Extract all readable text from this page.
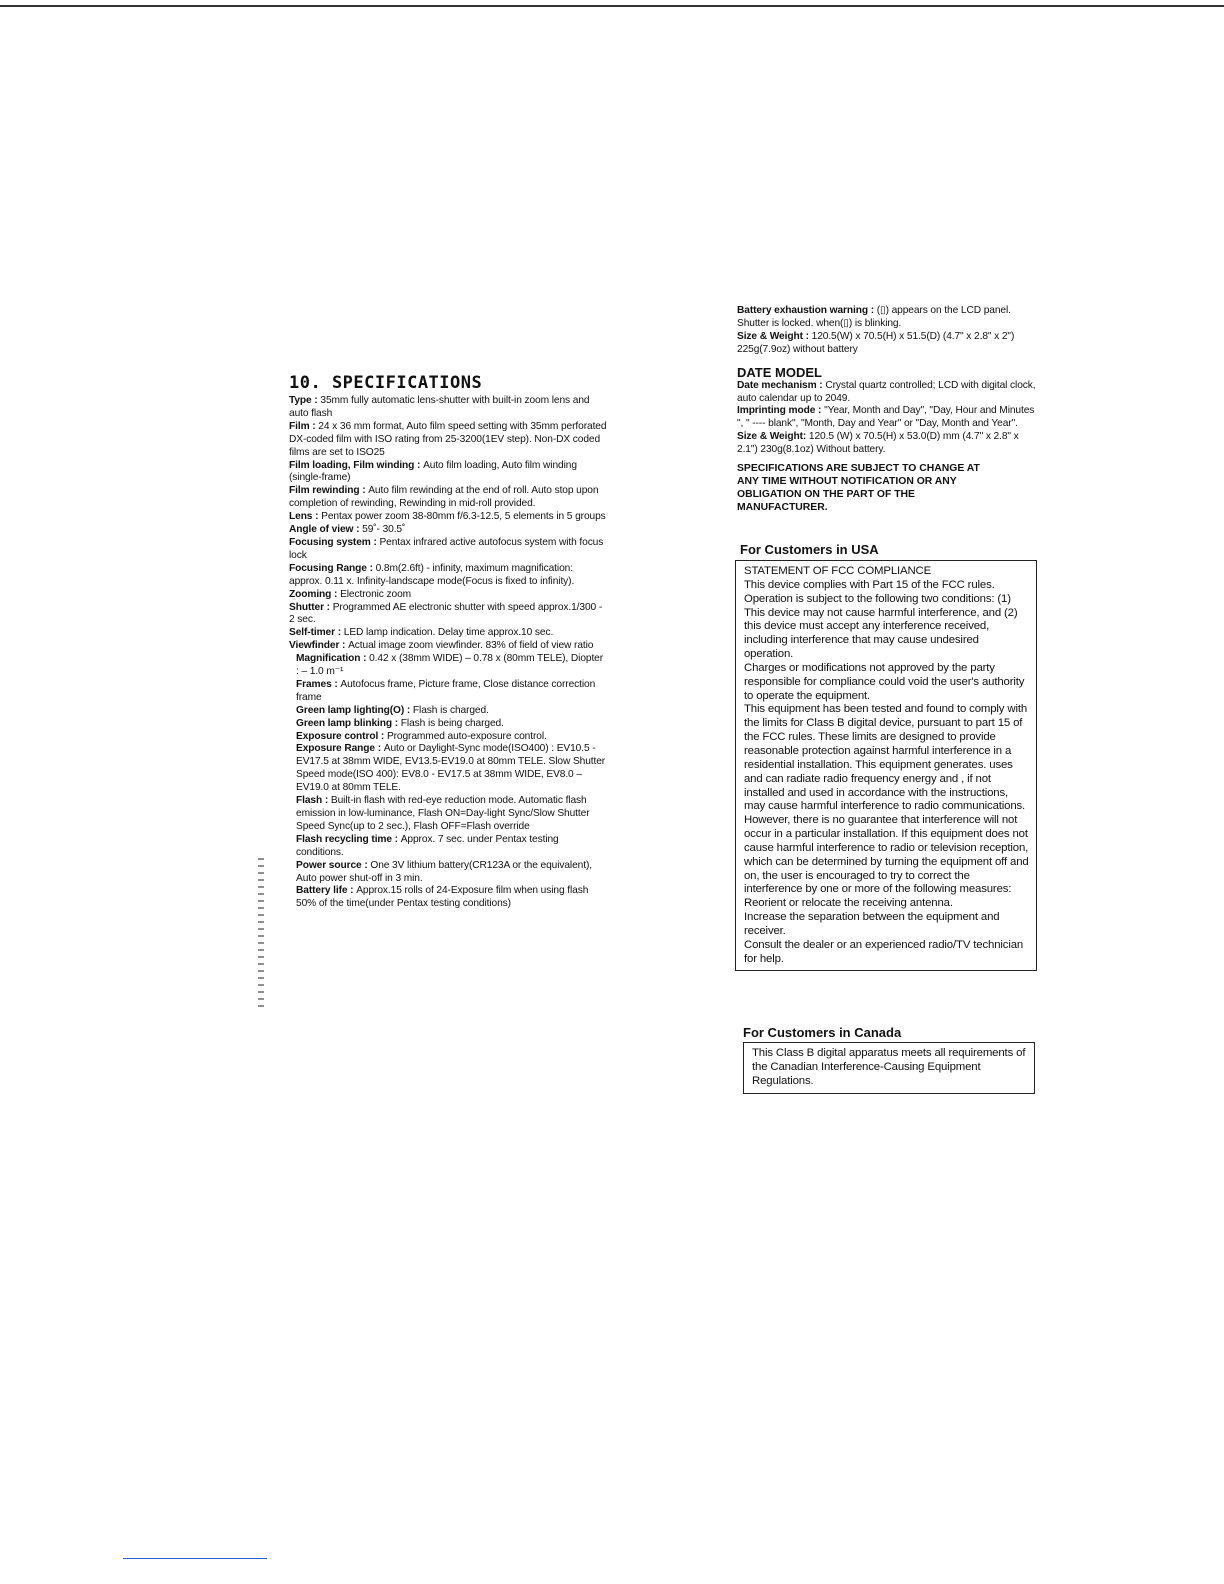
10. SPECIFICATIONS

Type : 35mm fully automatic lens-shutter with built-in zoom lens and auto flash

Film : 24 x 36 mm format, Auto film speed setting with 35mm perforated DX-coded film with ISO rating from 25-3200(1EV step). Non-DX coded films are set to ISO25

Film loading, Film winding : Auto film loading, Auto film winding (single-frame)

Film rewinding : Auto film rewinding at the end of roll. Auto stop upon completion of rewinding, Rewinding in mid-roll provided.

Lens : Pentax power zoom 38-80mm f/6.3-12.5, 5 elements in 5 groups

Angle of view : 59˚- 30.5˚

Focusing system : Pentax infrared active autofocus system with focus lock

Focusing Range : 0.8m(2.6ft) - infinity, maximum magnification: approx. 0.11 x. Infinity-landscape mode(Focus is fixed to infinity).

Zooming : Electronic zoom

Shutter : Programmed AE electronic shutter with speed approx.1/300 - 2 sec.

Self-timer : LED lamp indication. Delay time approx.10 sec.

Viewfinder : Actual image zoom viewfinder. 83% of field of view ratio

Magnification : 0.42 x (38mm WIDE) – 0.78 x (80mm TELE), Diopter : – 1.0 m⁻¹

Frames : Autofocus frame, Picture frame, Close distance correction frame

Green lamp lighting(O) : Flash is charged.

Green lamp blinking : Flash is being charged.

Exposure control : Programmed auto-exposure control.

Exposure Range : Auto or Daylight-Sync mode(ISO400) : EV10.5 - EV17.5 at 38mm WIDE, EV13.5-EV19.0 at 80mm TELE. Slow Shutter Speed mode(ISO 400): EV8.0 - EV17.5 at 38mm WIDE, EV8.0 – EV19.0 at 80mm TELE.

Flash : Built-in flash with red-eye reduction mode. Automatic flash emission in low-luminance, Flash ON=Day-light Sync/Slow Shutter Speed Sync(up to 2 sec.), Flash OFF=Flash override

Flash recycling time : Approx. 7 sec. under Pentax testing conditions.

Power source : One 3V lithium battery(CR123A or the equivalent), Auto power shut-off in 3 min.

Battery life : Approx.15 rolls of 24-Exposure film when using flash 50% of the time(under Pentax testing conditions)

Battery exhaustion warning : (▯) appears on the LCD panel. Shutter is locked. when(▯) is blinking.

Size & Weight : 120.5(W) x 70.5(H) x 51.5(D) (4.7" x 2.8" x 2") 225g(7.9oz) without battery

DATE MODEL

Date mechanism : Crystal quartz controlled; LCD with digital clock, auto calendar up to 2049.

Imprinting mode : "Year, Month and Day", "Day, Hour and Minutes ", " ---- blank", "Month, Day and Year" or "Day, Month and Year".

Size & Weight: 120.5 (W) x 70.5(H) x 53.0(D) mm (4.7" x 2.8" x 2.1") 230g(8.1oz) Without battery.

SPECIFICATIONS ARE SUBJECT TO CHANGE AT ANY TIME WITHOUT NOTIFICATION OR ANY OBLIGATION ON THE PART OF THE MANUFACTURER.

For Customers in USA

STATEMENT OF FCC COMPLIANCE

This device complies with Part 15 of the FCC rules. Operation is subject to the following two conditions: (1) This device may not cause harmful interference, and (2) this device must accept any interference received, including interference that may cause undesired operation.

Charges or modifications not approved by the party responsible for compliance could void the user's authority to operate the equipment.

This equipment has been tested and found to comply with the limits for Class B digital device, pursuant to part 15 of the FCC rules. These limits are designed to provide reasonable protection against harmful interference in a residential installation. This equipment generates. uses and can radiate radio frequency energy and , if not installed and used in accordance with the instructions, may cause harmful interference to radio communications. However, there is no guarantee that interference will not occur in a particular installation. If this equipment does not cause harmful interference to radio or television reception, which can be determined by turning the equipment off and on, the user is encouraged to try to correct the interference by one or more of the following measures:

Reorient or relocate the receiving antenna.

Increase the separation between the equipment and receiver.

Consult the dealer or an experienced radio/TV technician for help.

For Customers in Canada

This Class B digital apparatus meets all requirements of the Canadian Interference-Causing Equipment Regulations.
